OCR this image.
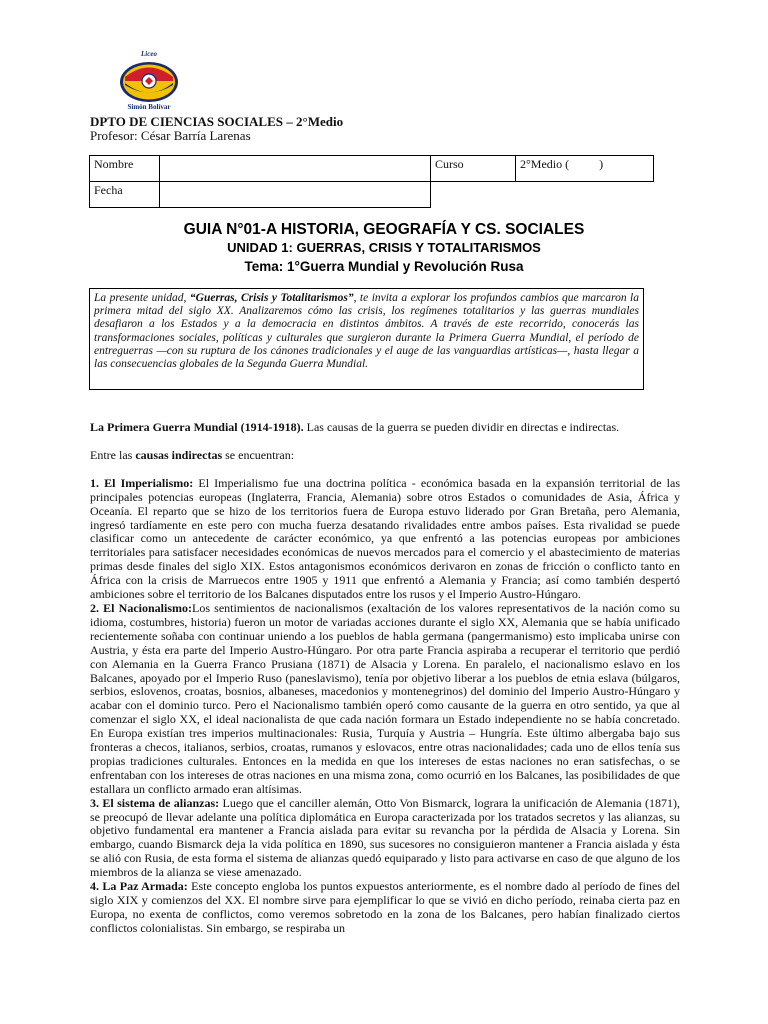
Liceo
Simón Bolívar
DPTO DE CIENCIAS SOCIALES – 2°Medio
Profesor: César Barría Larenas
Nombre		Curso	2°Medio (          )
Fecha			
GUIA N°01-A HISTORIA, GEOGRAFÍA Y CS. SOCIALES
UNIDAD 1: GUERRAS, CRISIS Y TOTALITARISMOS
Tema: 1°Guerra Mundial y Revolución Rusa
La presente unidad, “Guerras, Crisis y Totalitarismos”, te invita a explorar los profundos cambios que marcaron la primera mitad del siglo XX. Analizaremos cómo las crisis, los regímenes totalitarios y las guerras mundiales desafiaron a los Estados y a la democracia en distintos ámbitos. A través de este recorrido, conocerás las transformaciones sociales, políticas y culturales que surgieron durante la Primera Guerra Mundial, el período de entreguerras —con su ruptura de los cánones tradicionales y el auge de las vanguardias artísticas—, hasta llegar a las consecuencias globales de la Segunda Guerra Mundial.

La Primera Guerra Mundial (1914-1918). Las causas de la guerra se pueden dividir en directas e indirectas.

Entre las causas indirectas se encuentran:

1. El Imperialismo: El Imperialismo fue una doctrina política - económica basada en la expansión territorial de las principales potencias europeas (Inglaterra, Francia, Alemania) sobre otros Estados o comunidades de Asia, África y Oceanía. El reparto que se hizo de los territorios fuera de Europa estuvo liderado por Gran Bretaña, pero Alemania, ingresó tardíamente en este pero con mucha fuerza desatando rivalidades entre ambos países. Esta rivalidad se puede clasificar como un antecedente de carácter económico, ya que enfrentó a las potencias europeas por ambiciones territoriales para satisfacer necesidades económicas de nuevos mercados para el comercio y el abastecimiento de materias primas desde finales del siglo XIX. Estos antagonismos económicos derivaron en zonas de fricción o conflicto tanto en África con la crisis de Marruecos entre 1905 y 1911 que enfrentó a Alemania y Francia; así como también despertó ambiciones sobre el territorio de los Balcanes disputados entre los rusos y el Imperio Austro-Húngaro.

2. El Nacionalismo:Los sentimientos de nacionalismos (exaltación de los valores representativos de la nación como su idioma, costumbres, historia) fueron un motor de variadas acciones durante el siglo XX, Alemania que se había unificado recientemente soñaba con continuar uniendo a los pueblos de habla germana (pangermanismo) esto implicaba unirse con Austria, y ésta era parte del Imperio Austro-Húngaro. Por otra parte Francia aspiraba a recuperar el territorio que perdió con Alemania en la Guerra Franco Prusiana (1871) de Alsacia y Lorena. En paralelo, el nacionalismo eslavo en los Balcanes, apoyado por el Imperio Ruso (paneslavismo), tenía por objetivo liberar a los pueblos de etnia eslava (búlgaros, serbios, eslovenos, croatas, bosnios, albaneses, macedonios y montenegrinos) del dominio del Imperio Austro-Húngaro y acabar con el dominio turco. Pero el Nacionalismo también operó como causante de la guerra en otro sentido, ya que al comenzar el siglo XX, el ideal nacionalista de que cada nación formara un Estado independiente no se había concretado. En Europa existían tres imperios multinacionales: Rusia, Turquía y Austria – Hungría. Este último albergaba bajo sus fronteras a checos, italianos, serbios, croatas, rumanos y eslovacos, entre otras nacionalidades; cada uno de ellos tenía sus propias tradiciones culturales. Entonces en la medida en que los intereses de estas naciones no eran satisfechas, o se enfrentaban con los intereses de otras naciones en una misma zona, como ocurrió en los Balcanes, las posibilidades de que estallara un conflicto armado eran altísimas.

3. El sistema de alianzas: Luego que el canciller alemán, Otto Von Bismarck, lograra la unificación de Alemania (1871), se preocupó de llevar adelante una política diplomática en Europa caracterizada por los tratados secretos y las alianzas, su objetivo fundamental era mantener a Francia aislada para evitar su revancha por la pérdida de Alsacia y Lorena. Sin embargo, cuando Bismarck deja la vida política en 1890, sus sucesores no consiguieron mantener a Francia aislada y ésta se alió con Rusia, de esta forma el sistema de alianzas quedó equiparado y listo para activarse en caso de que alguno de los miembros de la alianza se viese amenazado.

4. La Paz Armada: Este concepto engloba los puntos expuestos anteriormente, es el nombre dado al período de fines del siglo XIX y comienzos del XX. El nombre sirve para ejemplificar lo que se vivió en dicho período, reinaba cierta paz en Europa, no exenta de conflictos, como veremos sobretodo en la zona de los Balcanes, pero habían finalizado ciertos conflictos colonialistas. Sin embargo, se respiraba un
